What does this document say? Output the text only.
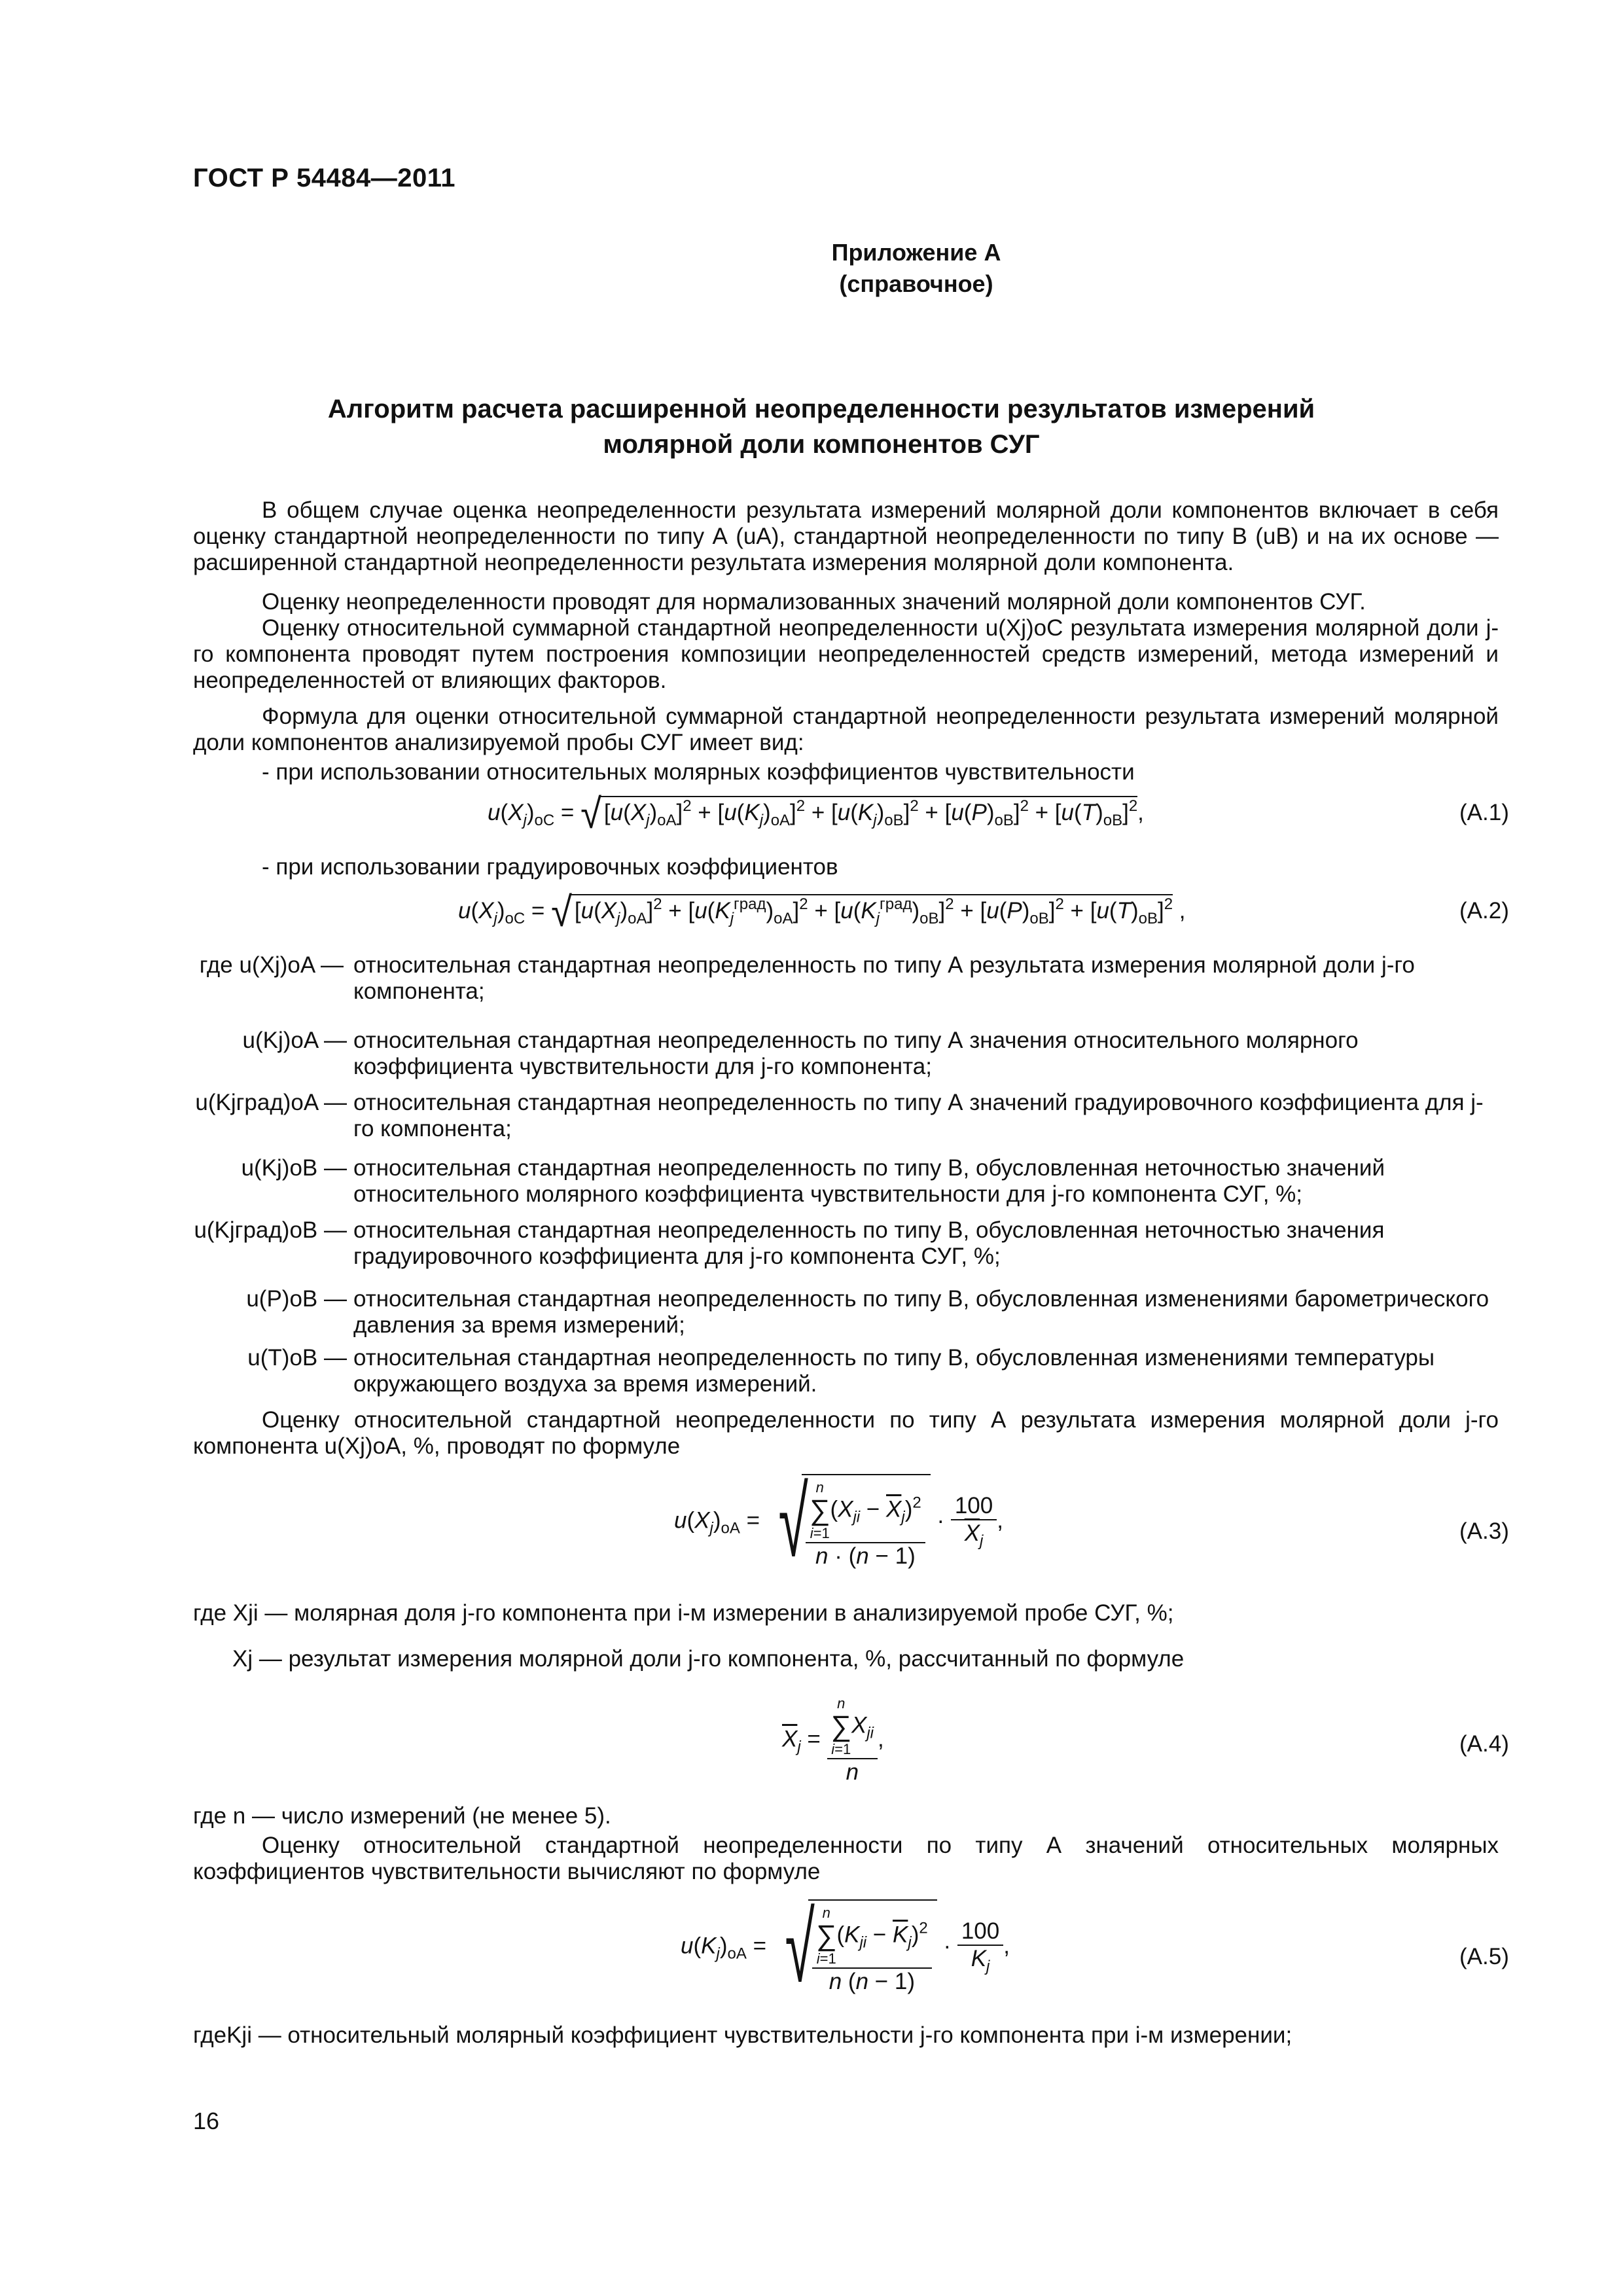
ГОСТ Р 54484—2011
Приложение А
(справочное)
Алгоритм расчета расширенной неопределенности результатов измерений
молярной доли компонентов СУГ
В общем случае оценка неопределенности результата измерений молярной доли компонентов включает в себя оценку стандартной неопределенности по типу А (uA), стандартной неопределенности по типу В (uB) и на их основе — расширенной стандартной неопределенности результата измерения молярной доли компонента.
Оценку неопределенности проводят для нормализованных значений молярной доли компонентов СУГ.
Оценку относительной суммарной стандартной неопределенности u(Xj)oC результата измерения молярной доли j-го компонента проводят путем построения композиции неопределенностей средств измерений, метода измерений и неопределенностей от влияющих факторов.
Формула для оценки относительной суммарной стандартной неопределенности результата измерений молярной доли компонентов анализируемой пробы СУГ имеет вид:
- при использовании относительных молярных коэффициентов чувствительности
$u(X_j)_{oC}$ = √ $[u(X_j)_{oA}]^2 + [u(K_j)_{oA}]^2 + [u(K_j)_{oB}]^2 + [u(P)_{oB}]^2 + [u(T)_{oB}]^2$,	(A.1)
- при использовании градуировочных коэффициентов
$u(X_j)_{oC}$ = √ $[u(X_j)_{oA}]^2 + [u(K_j^{град})_{oA}]^2 + [u(K_j^{град})_{oB}]^2 + [u(P)_{oB}]^2 + [u(T)_{oB}]^2$ ,	(A.2)
где u(Xj)oA — относительная стандартная неопределенность по типу А результата измерения молярной доли j-го компонента;
u(Kj)oA — относительная стандартная неопределенность по типу А значения относительного молярного коэффициента чувствительности для j-го компонента;
u(Kjград)oA — относительная стандартная неопределенность по типу А значений градуировочного коэффициента для j-го компонента;
u(Kj)oB — относительная стандартная неопределенность по типу В, обусловленная неточностью значений относительного молярного коэффициента чувствительности для j-го компонента СУГ, %;
u(Kjград)oB — относительная стандартная неопределенность по типу В, обусловленная неточностью значения градуировочного коэффициента для j-го компонента СУГ, %;
u(P)oB — относительная стандартная неопределенность по типу В, обусловленная изменениями барометрического давления за время измерений;
u(T)oB — относительная стандартная неопределенность по типу В, обусловленная изменениями температуры окружающего воздуха за время измерений.
Оценку относительной стандартной неопределенности по типу А результата измерения молярной доли j-го компонента u(Xj)oA, %, проводят по формуле
$u(X_j)_{oA}$ = √
n
∑
i=1
$(X_{ji} - \overline{X}_j)^2$
$n \cdot (n - 1) \cdot \frac{100}{\overline{X}_j}$ ,	(A.3)
где Xji — молярная доля j-го компонента при i-м измерении в анализируемой пробе СУГ, %;
Xj — результат измерения молярной доли j-го компонента, %, рассчитанный по формуле
$\overline{X}_j = n$
∑
i=1
$X_{ji}$
n ,	(A.4)
где n — число измерений (не менее 5).
Оценку относительной стандартной неопределенности по типу А значений относительных молярных коэффициентов чувствительности вычисляют по формуле
$u(K_j)_{oA}$ = √
n
∑
i=1
$(K_{ji} - \overline{K}_j)^2$
n $(n - 1) \cdot \frac{100}{K_j}$ ,	(A.5)
гдеKji — относительный молярный коэффициент чувствительности j-го компонента при i-м измерении;
16
